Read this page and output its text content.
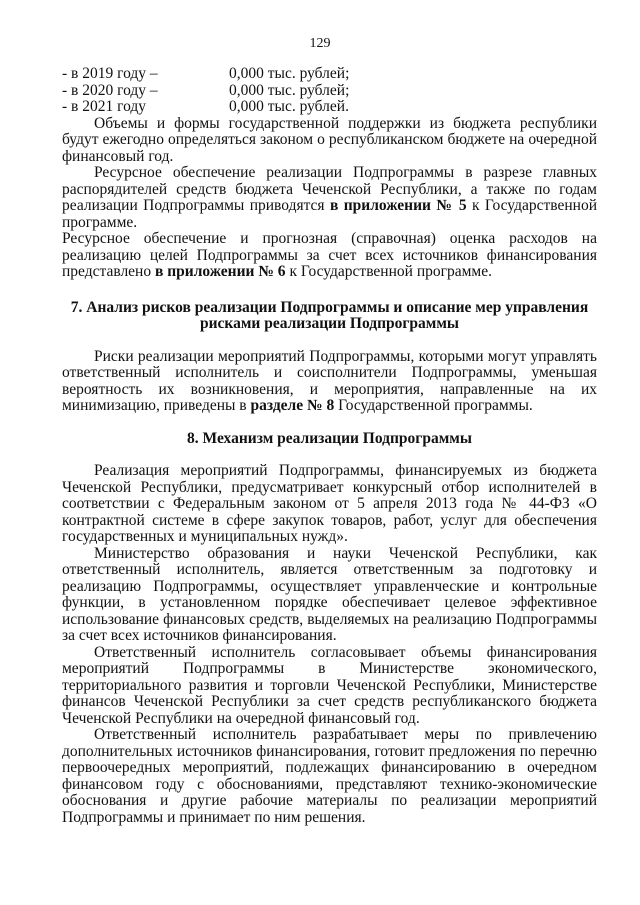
129
- в 2019 году –	0,000 тыс. рублей;
- в 2020 году –	0,000 тыс. рублей;
- в 2021 году	0,000 тыс. рублей.

Объемы и формы государственной поддержки из бюджета республики будут ежегодно определяться законом о республиканском бюджете на очередной финансовый год.

Ресурсное обеспечение реализации Подпрограммы в разрезе главных распорядителей средств бюджета Чеченской Республики, а также по годам реализации Подпрограммы приводятся в приложении № 5 к Государственной программе.

Ресурсное обеспечение и прогнозная (справочная) оценка расходов на реализацию целей Подпрограммы за счет всех источников финансирования представлено в приложении № 6 к Государственной программе.

7. Анализ рисков реализации Подпрограммы и описание мер управления
рисками реализации Подпрограммы

Риски реализации мероприятий Подпрограммы, которыми могут управлять ответственный исполнитель и соисполнители Подпрограммы, уменьшая вероятность их возникновения, и мероприятия, направленные на их минимизацию, приведены в разделе № 8 Государственной программы.

8. Механизм реализации Подпрограммы

Реализация мероприятий Подпрограммы, финансируемых из бюджета Чеченской Республики, предусматривает конкурсный отбор исполнителей в соответствии с Федеральным законом от 5 апреля 2013 года № 44-ФЗ «О контрактной системе в сфере закупок товаров, работ, услуг для обеспечения государственных и муниципальных нужд».

Министерство образования и науки Чеченской Республики, как ответственный исполнитель, является ответственным за подготовку и реализацию Подпрограммы, осуществляет управленческие и контрольные функции, в установленном порядке обеспечивает целевое эффективное использование финансовых средств, выделяемых на реализацию Подпрограммы за счет всех источников финансирования.

Ответственный исполнитель согласовывает объемы финансирования мероприятий Подпрограммы в Министерстве экономического, территориального развития и торговли Чеченской Республики, Министерстве финансов Чеченской Республики за счет средств республиканского бюджета Чеченской Республики на очередной финансовый год.

Ответственный исполнитель разрабатывает меры по привлечению дополнительных источников финансирования, готовит предложения по перечню первоочередных мероприятий, подлежащих финансированию в очередном финансовом году с обоснованиями, представляют технико-экономические обоснования и другие рабочие материалы по реализации мероприятий Подпрограммы и принимает по ним решения.
